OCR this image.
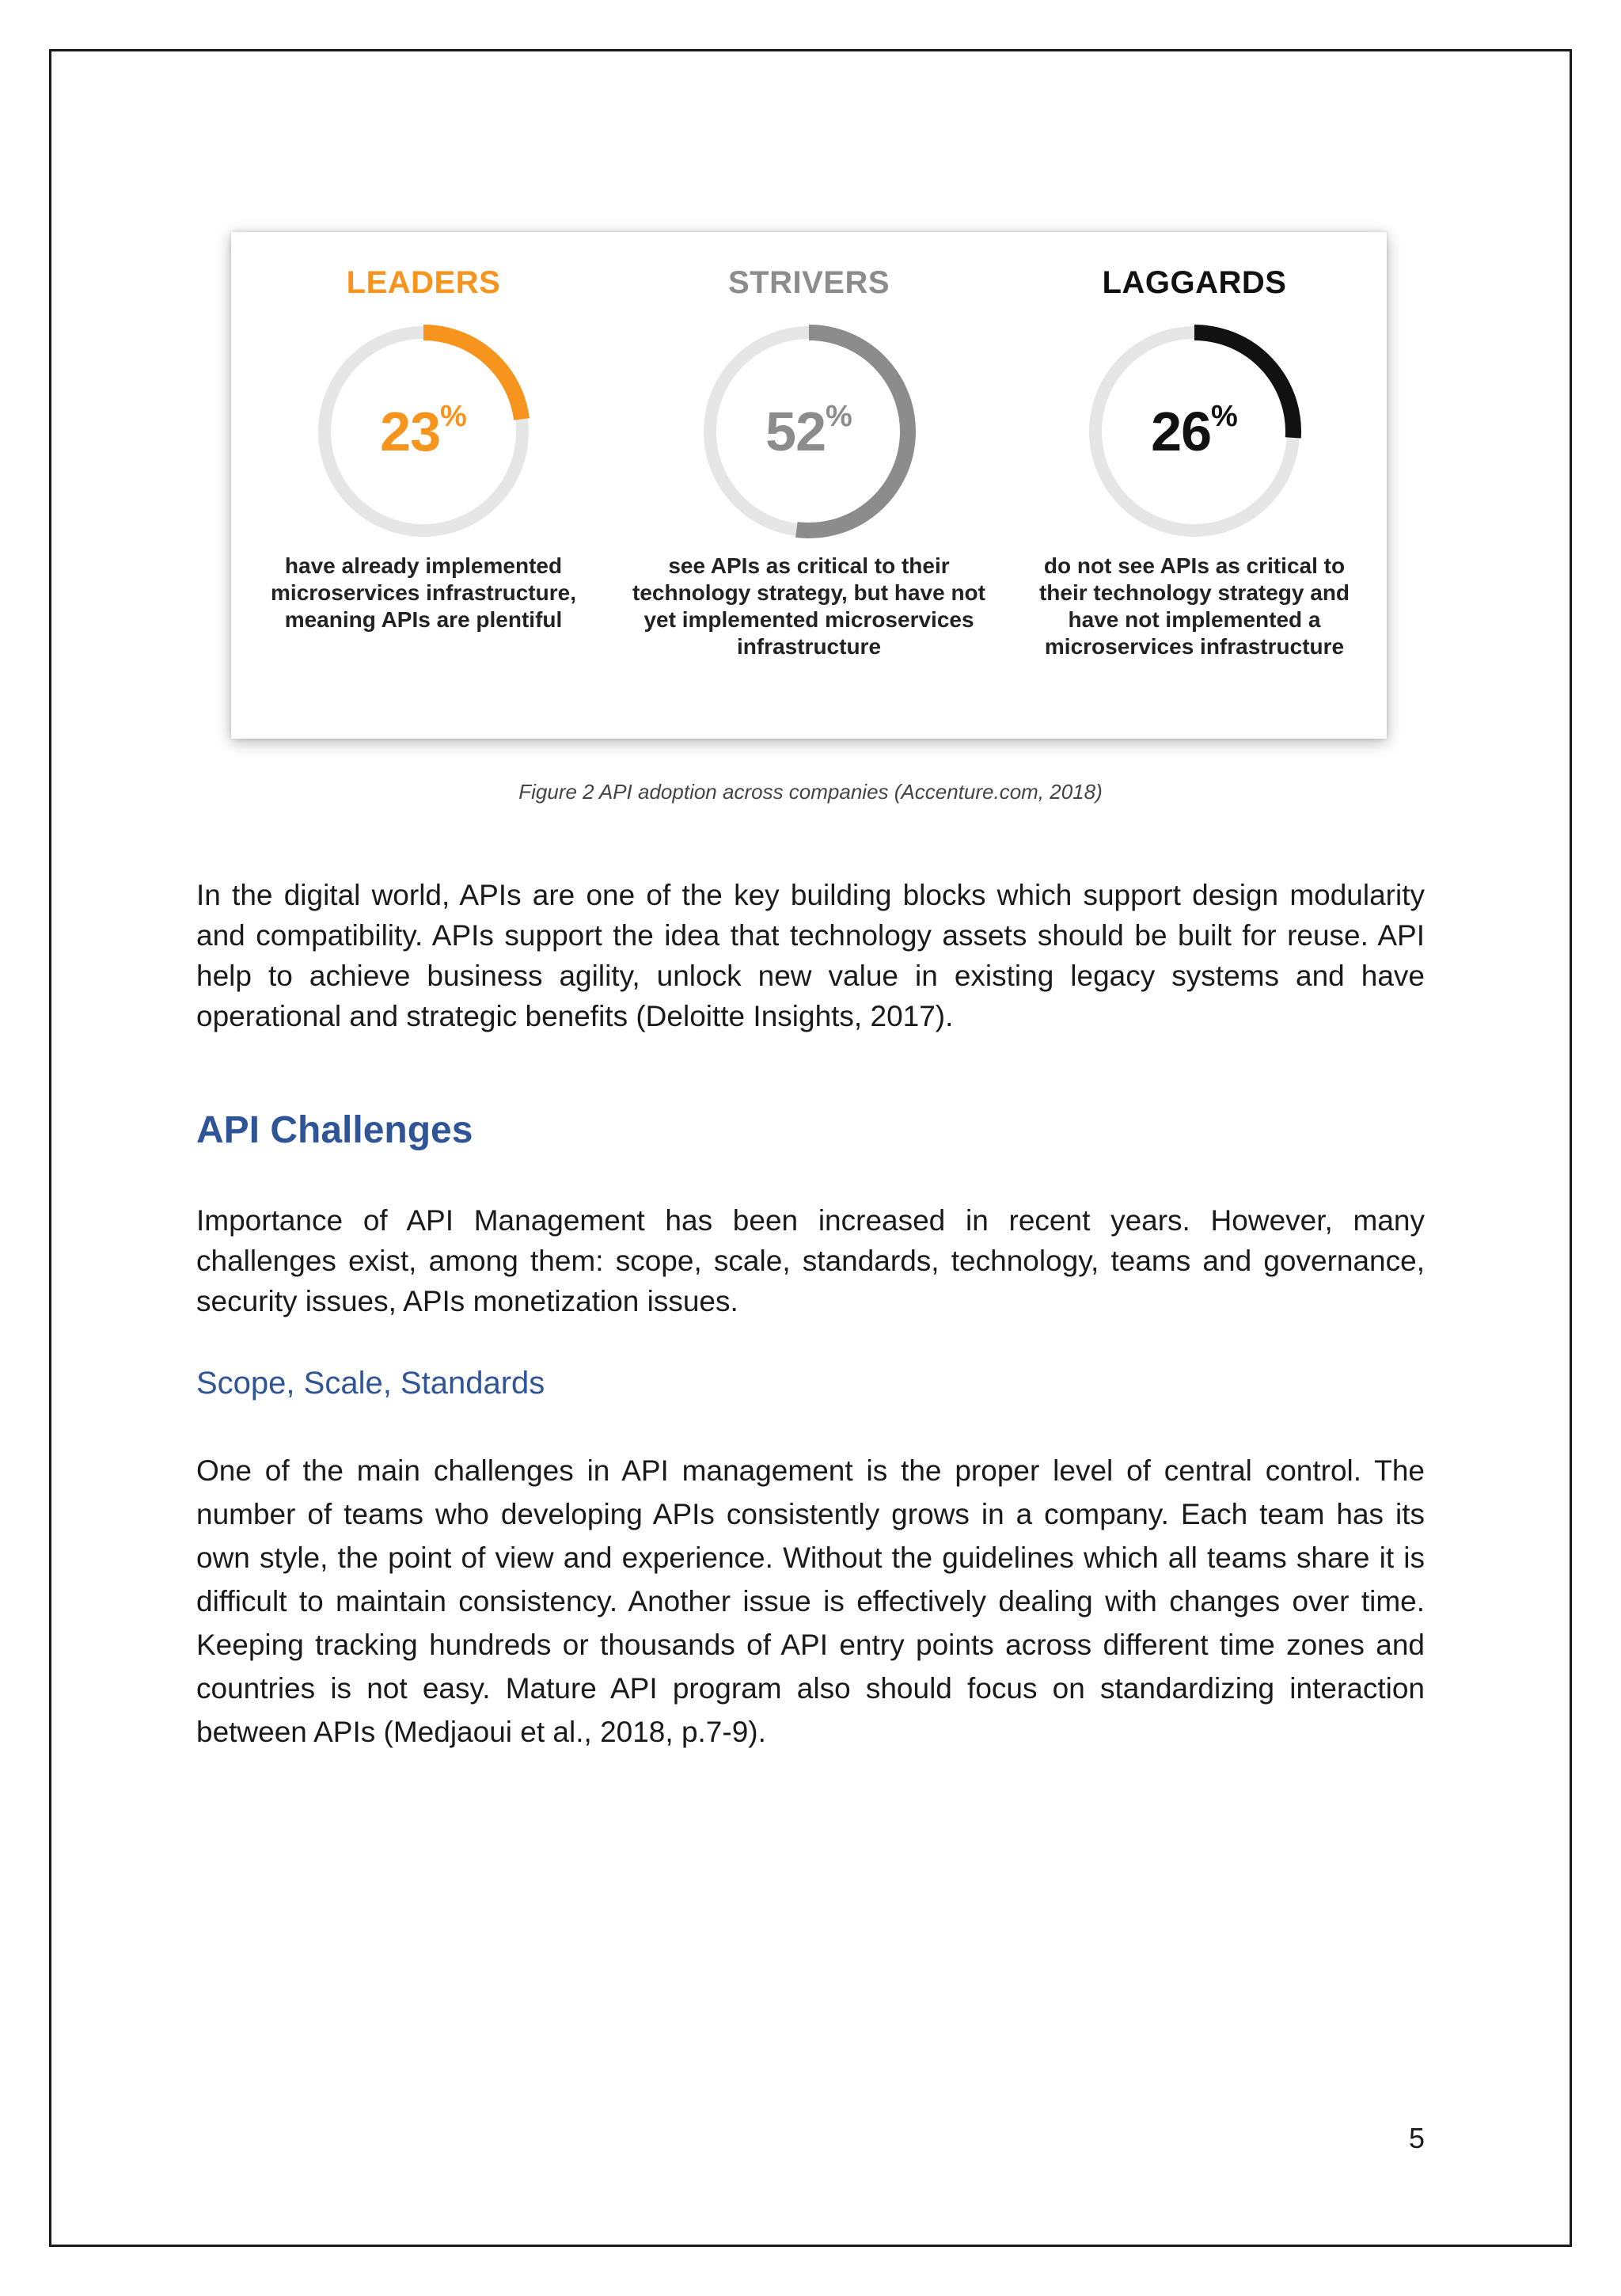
LEADERS
23 %
have already implemented microservices infrastructure, meaning APIs are plentiful
STRIVERS
52 %
see APIs as critical to their technology strategy, but have not yet implemented microservices infrastructure
LAGGARDS
26 %
do not see APIs as critical to their technology strategy and have not implemented a microservices infrastructure
Figure 2 API adoption across companies (Accenture.com, 2018)
In the digital world, APIs are one of the key building blocks which support design modularity and compatibility. APIs support the idea that technology assets should be built for reuse. API help to achieve business agility, unlock new value in existing legacy systems and have operational and strategic benefits (Deloitte Insights, 2017).
API Challenges
Importance of API Management has been increased in recent years. However, many challenges exist, among them: scope, scale, standards, technology, teams and governance, security issues, APIs monetization issues.
Scope, Scale, Standards
One of the main challenges in API management is the proper level of central control. The number of teams who developing APIs consistently grows in a company. Each team has its own style, the point of view and experience. Without the guidelines which all teams share it is difficult to maintain consistency. Another issue is effectively dealing with changes over time. Keeping tracking hundreds or thousands of API entry points across different time zones and countries is not easy. Mature API program also should focus on standardizing interaction between APIs (Medjaoui et al., 2018, p.7-9).
5
